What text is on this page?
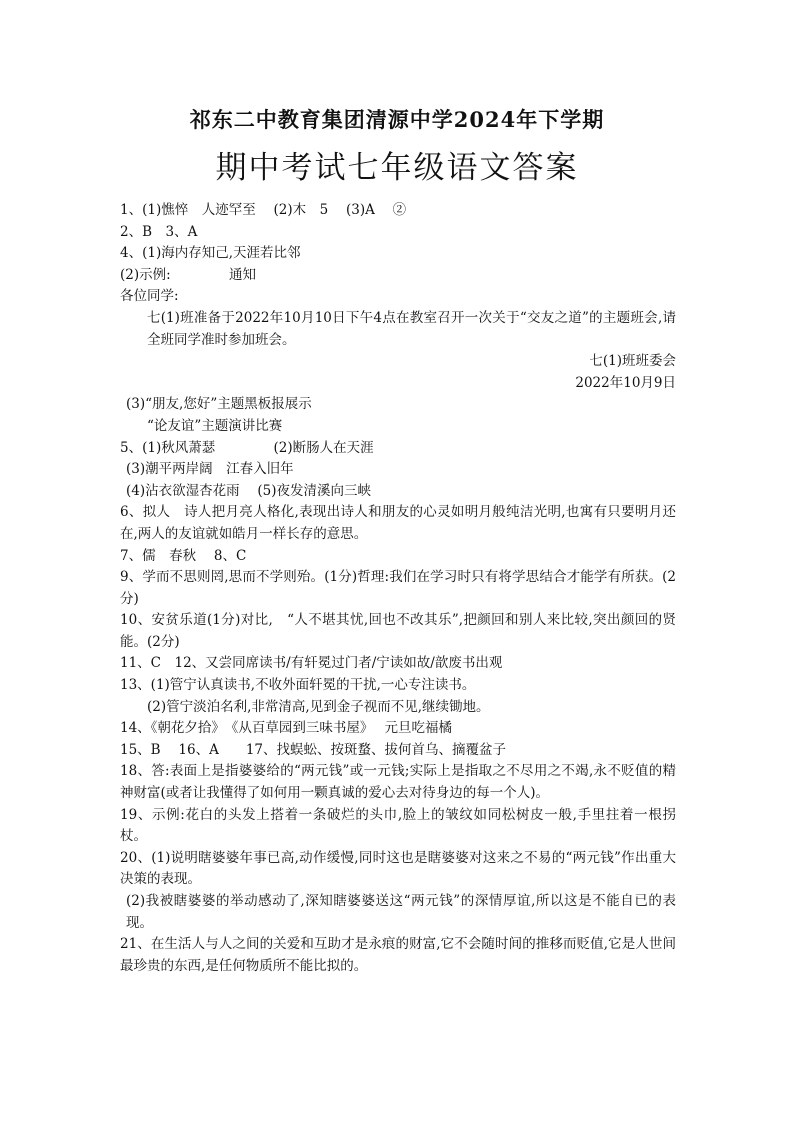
祁东二中教育集团清源中学2024年下学期
期中考试七年级语文答案
1、(1)憔悴　人迹罕至　 (2)木　5　 (3)A　 ②
2、B　3、A
4、(1)海内存知己,天涯若比邻
(2)示例:　　　　 通知
各位同学:
七(1)班准备于2022年10月10日下午4点在教室召开一次关于“交友之道”的主题班会,请全班同学准时参加班会。
七(1)班班委会
2022年10月9日
(3)“朋友,您好”主题黑板报展示
“论友谊”主题演讲比赛
5、(1)秋风萧瑟　　　　 (2)断肠人在天涯
(3)潮平两岸阔　江春入旧年
(4)沾衣欲湿杏花雨　 (5)夜发清溪向三峡
6、拟人　诗人把月亮人格化,表现出诗人和朋友的心灵如明月般纯洁光明,也寓有只要明月还在,两人的友谊就如皓月一样长存的意思。
7、儒　春秋　 8、C
9、学而不思则罔,思而不学则殆。(1分)哲理:我们在学习时只有将学思结合才能学有所获。(2分)
10、安贫乐道(1分)对比,　“人不堪其忧,回也不改其乐”,把颜回和别人来比较,突出颜回的贤能。(2分)
11、C　12、又尝同席读书/有轩冕过门者/宁读如故/歆废书出观
13、(1)管宁认真读书,不收外面轩冕的干扰,一心专注读书。
(2)管宁淡泊名利,非常清高,见到金子视而不见,继续锄地。
14、《朝花夕拾》　《从百草园到三味书屋》　 元旦吃福橘
15、B　 16、A　　17、找蜈蚣、按斑蝥、拔何首乌、摘覆盆子
18、答:表面上是指婆婆给的“两元钱”或一元钱;实际上是指取之不尽用之不竭,永不贬值的精神财富(或者让我懂得了如何用一颗真诚的爱心去对待身边的每一个人)。
19、示例:花白的头发上搭着一条破烂的头巾,脸上的皱纹如同松树皮一般,手里拄着一根拐杖。
20、(1)说明瞎婆婆年事已高,动作缓慢,同时这也是瞎婆婆对这来之不易的“两元钱”作出重大决策的表现。
(2)我被瞎婆婆的举动感动了,深知瞎婆婆送这“两元钱”的深情厚谊,所以这是不能自已的表现。
21、在生活人与人之间的关爱和互助才是永痕的财富,它不会随时间的推移而贬值,它是人世间最珍贵的东西,是任何物质所不能比拟的。
